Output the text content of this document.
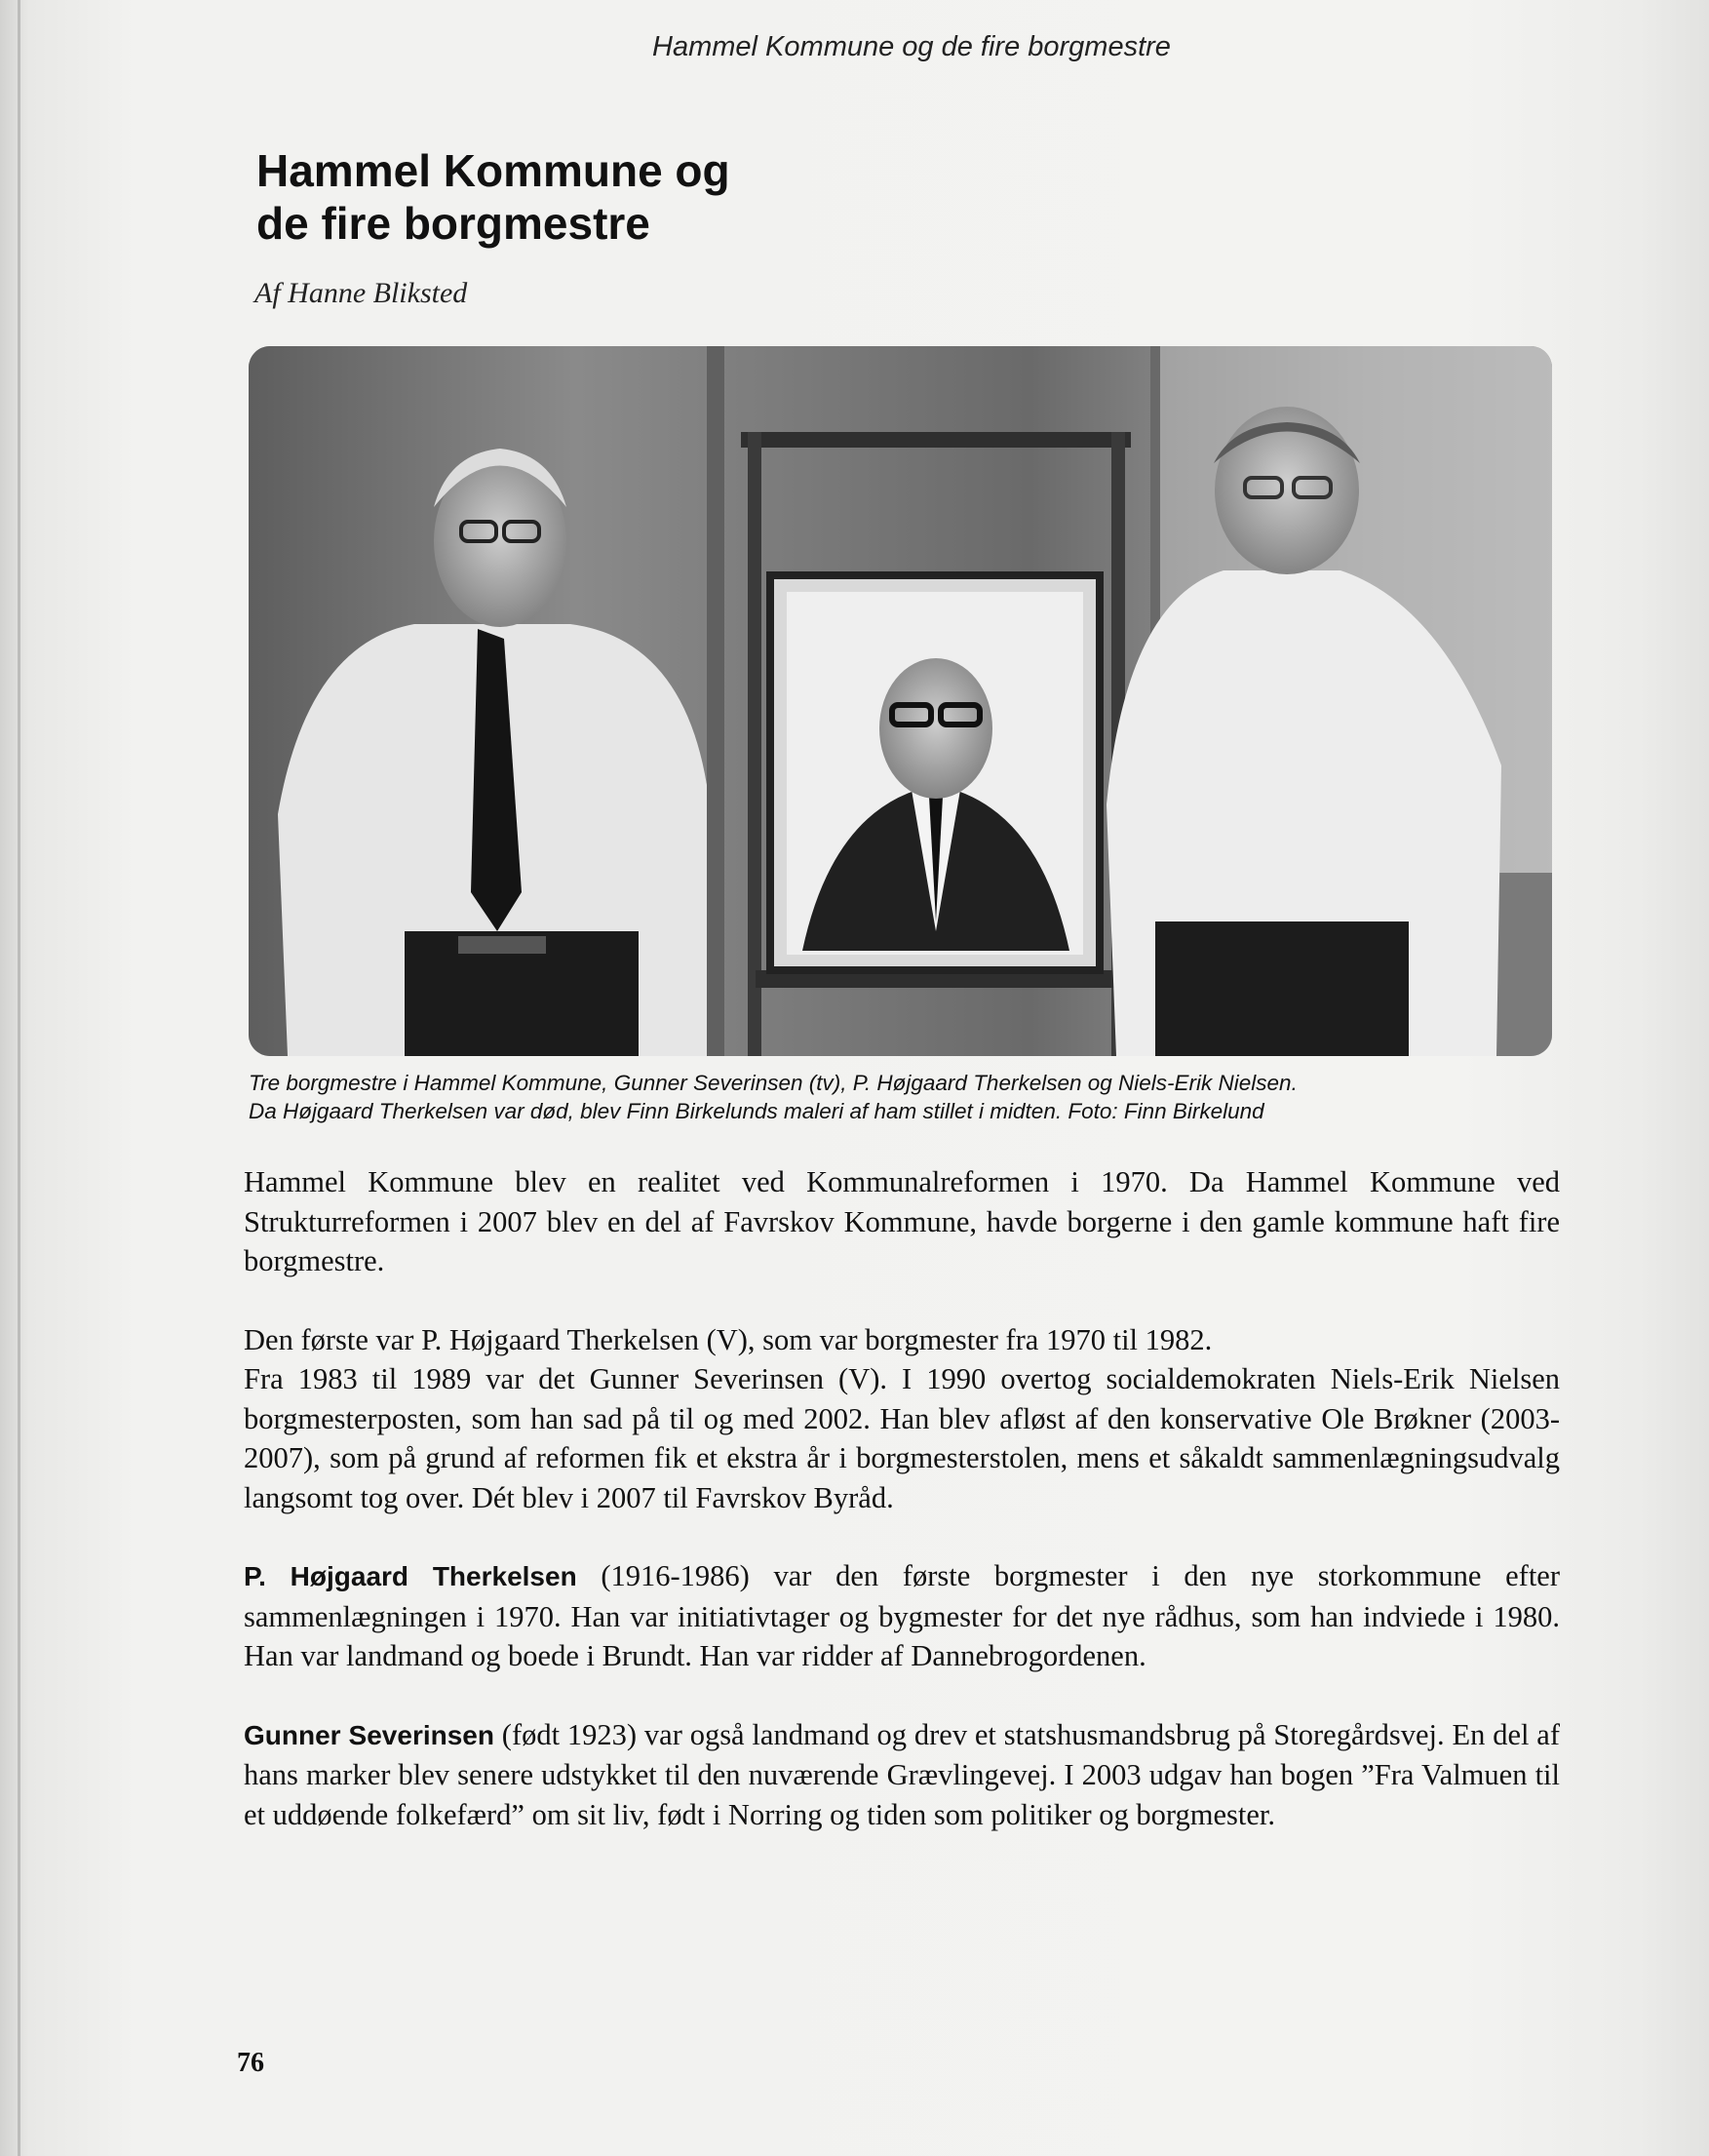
Hammel Kommune og de fire borgmestre
Hammel Kommune og
de fire borgmestre
Af Hanne Bliksted
Tre borgmestre i Hammel Kommune, Gunner Severinsen (tv), P. Højgaard Therkelsen og Niels-Erik Nielsen.
Da Højgaard Therkelsen var død, blev Finn Birkelunds maleri af ham stillet i midten. Foto: Finn Birkelund

Hammel Kommune blev en realitet ved Kommunalreformen i 1970. Da Hammel Kommune ved Strukturreformen i 2007 blev en del af Favrskov Kommune, havde borgerne i den gamle kommune haft fire borgmestre.

Den første var P. Højgaard Therkelsen (V), som var borgmester fra 1970 til 1982.

Fra 1983 til 1989 var det Gunner Severinsen (V). I 1990 overtog socialdemokraten Niels-Erik Nielsen borgmesterposten, som han sad på til og med 2002. Han blev afløst af den konservative Ole Brøkner (2003-2007), som på grund af reformen fik et ekstra år i borgmesterstolen, mens et såkaldt sammenlægningsudvalg langsomt tog over. Dét blev i 2007 til Favrskov Byråd.

P. Højgaard Therkelsen (1916-1986) var den første borgmester i den nye storkommune efter sammenlægningen i 1970. Han var initiativtager og bygmester for det nye rådhus, som han indviede i 1980. Han var landmand og boede i Brundt. Han var ridder af Dannebrogordenen.

Gunner Severinsen (født 1923) var også landmand og drev et statshusmandsbrug på Storegårdsvej. En del af hans marker blev senere udstykket til den nuværende Grævlingevej. I 2003 udgav han bogen ”Fra Valmuen til et uddøende folkefærd” om sit liv, født i Norring og tiden som politiker og borgmester.

76
